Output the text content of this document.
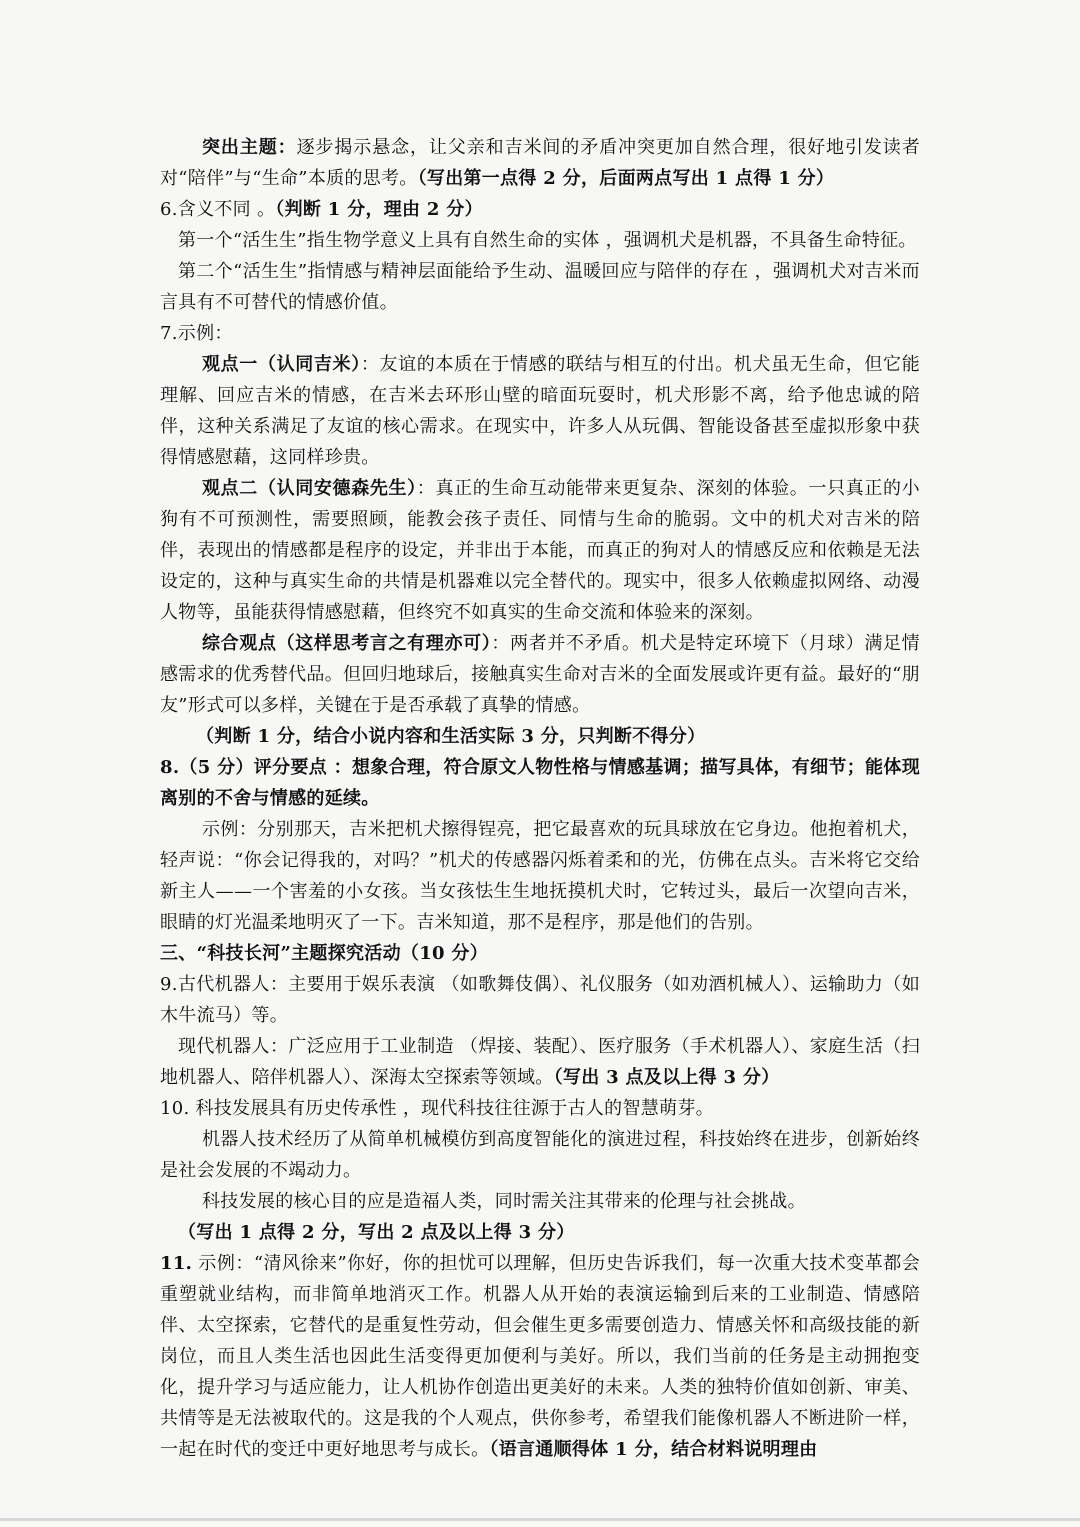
突出主题：逐步揭示悬念，让父亲和吉米间的矛盾冲突更加自然合理，很好地引发读者对“陪伴”与“生命”本质的思考。（写出第一点得 2 分，后面两点写出 1 点得 1 分）

6.含义不同 。（判断 1 分，理由 2 分）

第一个“活生生”指生物学意义上具有自然生命的实体 ，强调机犬是机器，不具备生命特征。

第二个“活生生”指情感与精神层面能给予生动、温暖回应与陪伴的存在 ，强调机犬对吉米而言具有不可替代的情感价值。

7.示例：

观点一（认同吉米）：友谊的本质在于情感的联结与相互的付出。机犬虽无生命，但它能理解、回应吉米的情感，在吉米去环形山壁的暗面玩耍时，机犬形影不离，给予他忠诚的陪伴，这种关系满足了友谊的核心需求。在现实中，许多人从玩偶、智能设备甚至虚拟形象中获得情感慰藉，这同样珍贵。

观点二（认同安德森先生）：真正的生命互动能带来更复杂、深刻的体验。一只真正的小狗有不可预测性，需要照顾，能教会孩子责任、同情与生命的脆弱。文中的机犬对吉米的陪伴，表现出的情感都是程序的设定，并非出于本能，而真正的狗对人的情感反应和依赖是无法设定的，这种与真实生命的共情是机器难以完全替代的。现实中，很多人依赖虚拟网络、动漫人物等，虽能获得情感慰藉，但终究不如真实的生命交流和体验来的深刻。

综合观点（这样思考言之有理亦可）：两者并不矛盾。机犬是特定环境下（月球）满足情感需求的优秀替代品。但回归地球后，接触真实生命对吉米的全面发展或许更有益。最好的“朋友”形式可以多样，关键在于是否承载了真挚的情感。

（判断 1 分，结合小说内容和生活实际 3 分，只判断不得分）

8.（5 分）评分要点 ：想象合理，符合原文人物性格与情感基调；描写具体，有细节；能体现离别的不舍与情感的延续。

示例：分别那天，吉米把机犬擦得锃亮，把它最喜欢的玩具球放在它身边。他抱着机犬，轻声说：“你会记得我的，对吗？”机犬的传感器闪烁着柔和的光，仿佛在点头。吉米将它交给新主人——一个害羞的小女孩。当女孩怯生生地抚摸机犬时，它转过头，最后一次望向吉米，眼睛的灯光温柔地明灭了一下。吉米知道，那不是程序，那是他们的告别。

三、“科技长河”主题探究活动（10 分）

9.古代机器人：主要用于娱乐表演 （如歌舞伎偶）、礼仪服务（如劝酒机械人）、运输助力（如木牛流马）等。

现代机器人：广泛应用于工业制造 （焊接、装配）、医疗服务（手术机器人）、家庭生活（扫地机器人、陪伴机器人）、深海太空探索等领域。（写出 3 点及以上得 3 分）

10. 科技发展具有历史传承性 ，现代科技往往源于古人的智慧萌芽。

机器人技术经历了从简单机械模仿到高度智能化的演进过程，科技始终在进步，创新始终是社会发展的不竭动力。

科技发展的核心目的应是造福人类，同时需关注其带来的伦理与社会挑战。

（写出 1 点得 2 分，写出 2 点及以上得 3 分）

11. 示例：“清风徐来”你好，你的担忧可以理解，但历史告诉我们，每一次重大技术变革都会重塑就业结构，而非简单地消灭工作。机器人从开始的表演运输到后来的工业制造、情感陪伴、太空探索，它替代的是重复性劳动，但会催生更多需要创造力、情感关怀和高级技能的新岗位，而且人类生活也因此生活变得更加便利与美好。所以，我们当前的任务是主动拥抱变化，提升学习与适应能力，让人机协作创造出更美好的未来。人类的独特价值如创新、审美、共情等是无法被取代的。这是我的个人观点，供你参考，希望我们能像机器人不断进阶一样，一起在时代的变迁中更好地思考与成长。（语言通顺得体 1 分，结合材料说明理由
